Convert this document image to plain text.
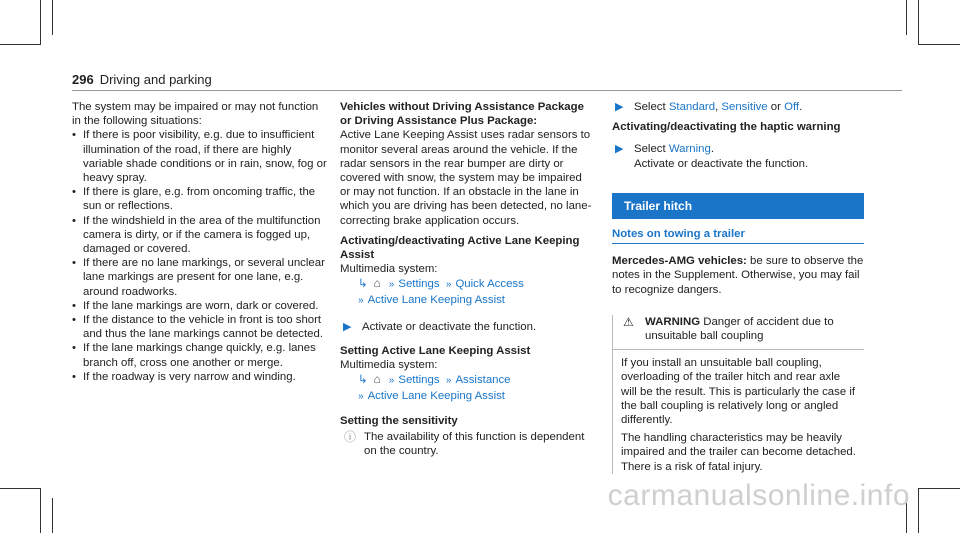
296 Driving and parking

The system may be impaired or may not function in the following situations:

• If there is poor visibility, e.g. due to insufficient illumination of the road, if there are highly variable shade conditions or in rain, snow, fog or heavy spray.
• If there is glare, e.g. from oncoming traffic, the sun or reflections.
• If the windshield in the area of the multifunction camera is dirty, or if the camera is fogged up, damaged or covered.
• If there are no lane markings, or several unclear lane markings are present for one lane, e.g. around roadworks.
• If the lane markings are worn, dark or covered.
• If the distance to the vehicle in front is too short and thus the lane markings cannot be detected.
• If the lane markings change quickly, e.g. lanes branch off, cross one another or merge.
• If the roadway is very narrow and winding.

Vehicles without Driving Assistance Package or Driving Assistance Plus Package:

Active Lane Keeping Assist uses radar sensors to monitor several areas around the vehicle. If the radar sensors in the rear bumper are dirty or covered with snow, the system may be impaired or may not function. If an obstacle in the lane in which you are driving has been detected, no lane-correcting brake application occurs.

Activating/deactivating Active Lane Keeping Assist

Multimedia system:

↳ ⌂ » Settings » Quick Access
» Active Lane Keeping Assist
▶ Activate or deactivate the function.

Setting Active Lane Keeping Assist

Multimedia system:

↳ ⌂ » Settings » Assistance
» Active Lane Keeping Assist

Setting the sensitivity

ⓘ The availability of this function is dependent on the country.
▶ Select Standard, Sensitive or Off.

Activating/deactivating the haptic warning

▶ Select Warning.
Activate or deactivate the function.
Trailer hitch
Notes on towing a trailer

Mercedes-AMG vehicles: be sure to observe the notes in the Supplement. Otherwise, you may fail to recognize dangers.

⚠ WARNING Danger of accident due to unsuitable ball coupling

If you install an unsuitable ball coupling, overloading of the trailer hitch and rear axle will be the result. This is particularly the case if the ball coupling is relatively long or angled differently.

The handling characteristics may be heavily impaired and the trailer can become detached. There is a risk of fatal injury.

carmanualsonline.info
